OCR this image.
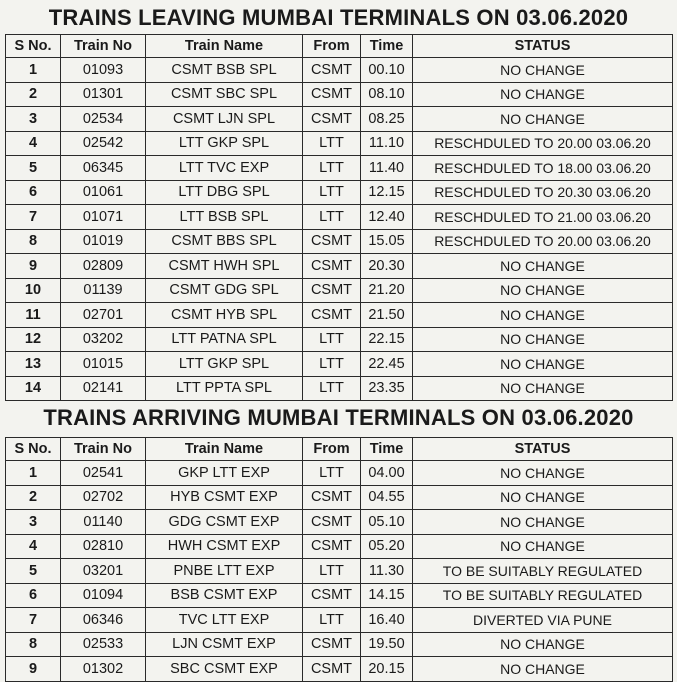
TRAINS LEAVING MUMBAI TERMINALS ON 03.06.2020
S No.	Train No	Train Name	From	Time	STATUS
1	01093	CSMT BSB SPL	CSMT	00.10	NO CHANGE
2	01301	CSMT SBC SPL	CSMT	08.10	NO CHANGE
3	02534	CSMT LJN SPL	CSMT	08.25	NO CHANGE
4	02542	LTT GKP SPL	LTT	11.10	RESCHDULED TO 20.00 03.06.20
5	06345	LTT TVC EXP	LTT	11.40	RESCHDULED TO 18.00 03.06.20
6	01061	LTT DBG SPL	LTT	12.15	RESCHDULED TO 20.30 03.06.20
7	01071	LTT BSB SPL	LTT	12.40	RESCHDULED TO 21.00 03.06.20
8	01019	CSMT BBS SPL	CSMT	15.05	RESCHDULED TO 20.00 03.06.20
9	02809	CSMT HWH SPL	CSMT	20.30	NO CHANGE
10	01139	CSMT GDG SPL	CSMT	21.20	NO CHANGE
11	02701	CSMT HYB SPL	CSMT	21.50	NO CHANGE
12	03202	LTT PATNA SPL	LTT	22.15	NO CHANGE
13	01015	LTT GKP SPL	LTT	22.45	NO CHANGE
14	02141	LTT PPTA SPL	LTT	23.35	NO CHANGE
TRAINS ARRIVING MUMBAI TERMINALS ON 03.06.2020
S No.	Train No	Train Name	From	Time	STATUS
1	02541	GKP LTT EXP	LTT	04.00	NO CHANGE
2	02702	HYB CSMT EXP	CSMT	04.55	NO CHANGE
3	01140	GDG CSMT EXP	CSMT	05.10	NO CHANGE
4	02810	HWH CSMT EXP	CSMT	05.20	NO CHANGE
5	03201	PNBE LTT EXP	LTT	11.30	TO BE SUITABLY REGULATED
6	01094	BSB CSMT EXP	CSMT	14.15	TO BE SUITABLY REGULATED
7	06346	TVC LTT EXP	LTT	16.40	DIVERTED VIA PUNE
8	02533	LJN CSMT EXP	CSMT	19.50	NO CHANGE
9	01302	SBC CSMT EXP	CSMT	20.15	NO CHANGE
